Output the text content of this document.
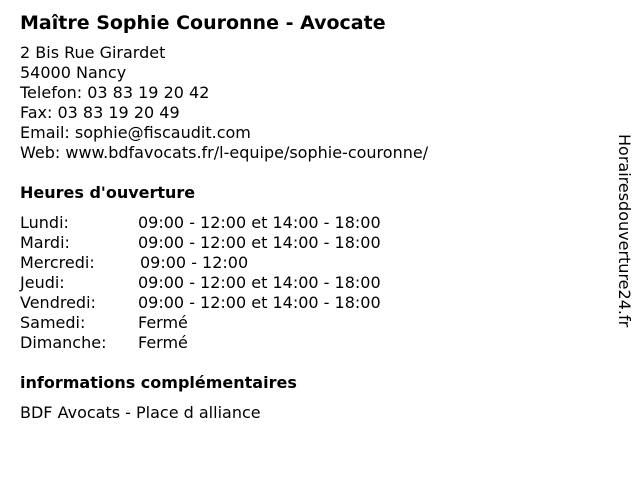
Maître Sophie Couronne - Avocate
2 Bis Rue Girardet
54000 Nancy
Telefon: 03 83 19 20 42
Fax: 03 83 19 20 49
Email: sophie@fiscaudit.com
Web: www.bdfavocats.fr/l-equipe/sophie-couronne/
Heures d'ouverture
Lundi:	09:00 - 12:00 et 14:00 - 18:00
Mardi:	09:00 - 12:00 et 14:00 - 18:00
Mercredi:	09:00 - 12:00
Jeudi:	09:00 - 12:00 et 14:00 - 18:00
Vendredi:	09:00 - 12:00 et 14:00 - 18:00
Samedi:	Fermé
Dimanche: Fermé
informations complémentaires
BDF Avocats - Place d alliance
Horairesdouverture24.fr
